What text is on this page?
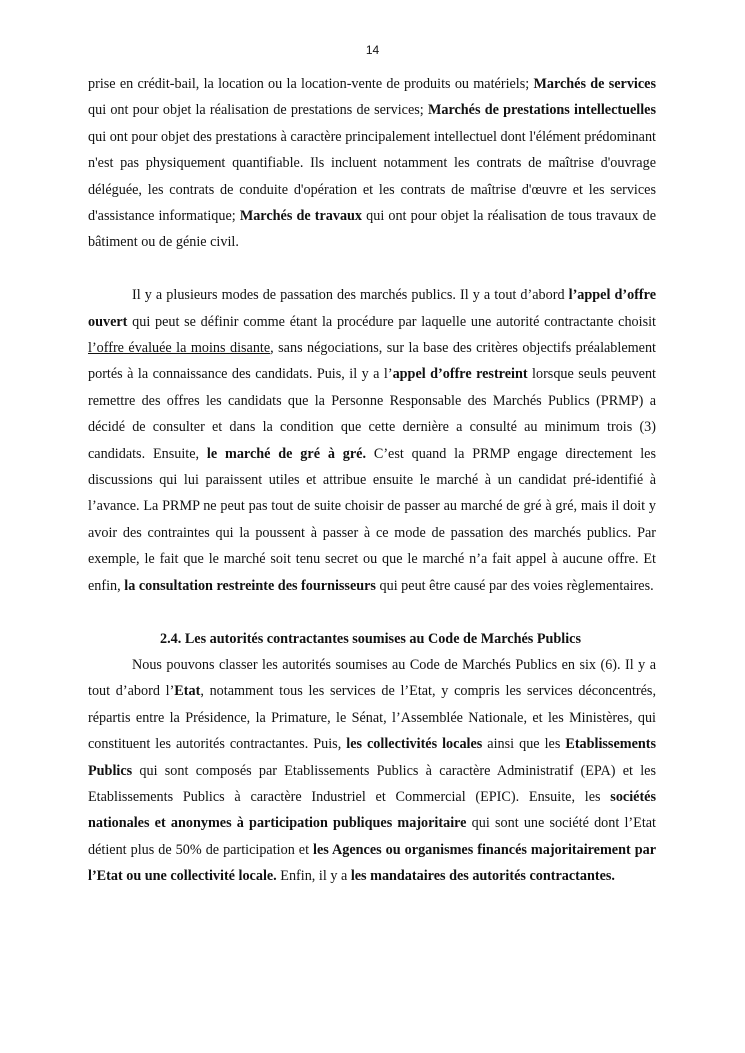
14

prise en crédit-bail, la location ou la location-vente de produits ou matériels; Marchés de services qui ont pour objet la réalisation de prestations de services; Marchés de prestations intellectuelles qui ont pour objet des prestations à caractère principalement intellectuel dont l'élément prédominant n'est pas physiquement quantifiable. Ils incluent notamment les contrats de maîtrise d'ouvrage déléguée, les contrats de conduite d'opération et les contrats de maîtrise d'œuvre et les services d'assistance informatique; Marchés de travaux qui ont pour objet la réalisation de tous travaux de bâtiment ou de génie civil.

Il y a plusieurs modes de passation des marchés publics. Il y a tout d’abord l’appel d’offre ouvert qui peut se définir comme étant la procédure par laquelle une autorité contractante choisit l’offre évaluée la moins disante, sans négociations, sur la base des critères objectifs préalablement portés à la connaissance des candidats. Puis, il y a l’appel d’offre restreint lorsque seuls peuvent remettre des offres les candidats que la Personne Responsable des Marchés Publics (PRMP) a décidé de consulter et dans la condition que cette dernière a consulté au minimum trois (3) candidats. Ensuite, le marché de gré à gré. C’est quand la PRMP engage directement les discussions qui lui paraissent utiles et attribue ensuite le marché à un candidat pré-identifié à l’avance. La PRMP ne peut pas tout de suite choisir de passer au marché de gré à gré, mais il doit y avoir des contraintes qui la poussent à passer à ce mode de passation des marchés publics. Par exemple, le fait que le marché soit tenu secret ou que le marché n’a fait appel à aucune offre. Et enfin, la consultation restreinte des fournisseurs qui peut être causé par des voies règlementaires.

2.4. Les autorités contractantes soumises au Code de Marchés Publics

Nous pouvons classer les autorités soumises au Code de Marchés Publics en six (6). Il y a tout d’abord l’Etat, notamment tous les services de l’Etat, y compris les services déconcentrés, répartis entre la Présidence, la Primature, le Sénat, l’Assemblée Nationale, et les Ministères, qui constituent les autorités contractantes. Puis, les collectivités locales ainsi que les Etablissements Publics qui sont composés par Etablissements Publics à caractère Administratif (EPA) et les Etablissements Publics à caractère Industriel et Commercial (EPIC). Ensuite, les sociétés nationales et anonymes à participation publiques majoritaire qui sont une société dont l’Etat détient plus de 50% de participation et les Agences ou organismes financés majoritairement par l’Etat ou une collectivité locale. Enfin, il y a les mandataires des autorités contractantes.
